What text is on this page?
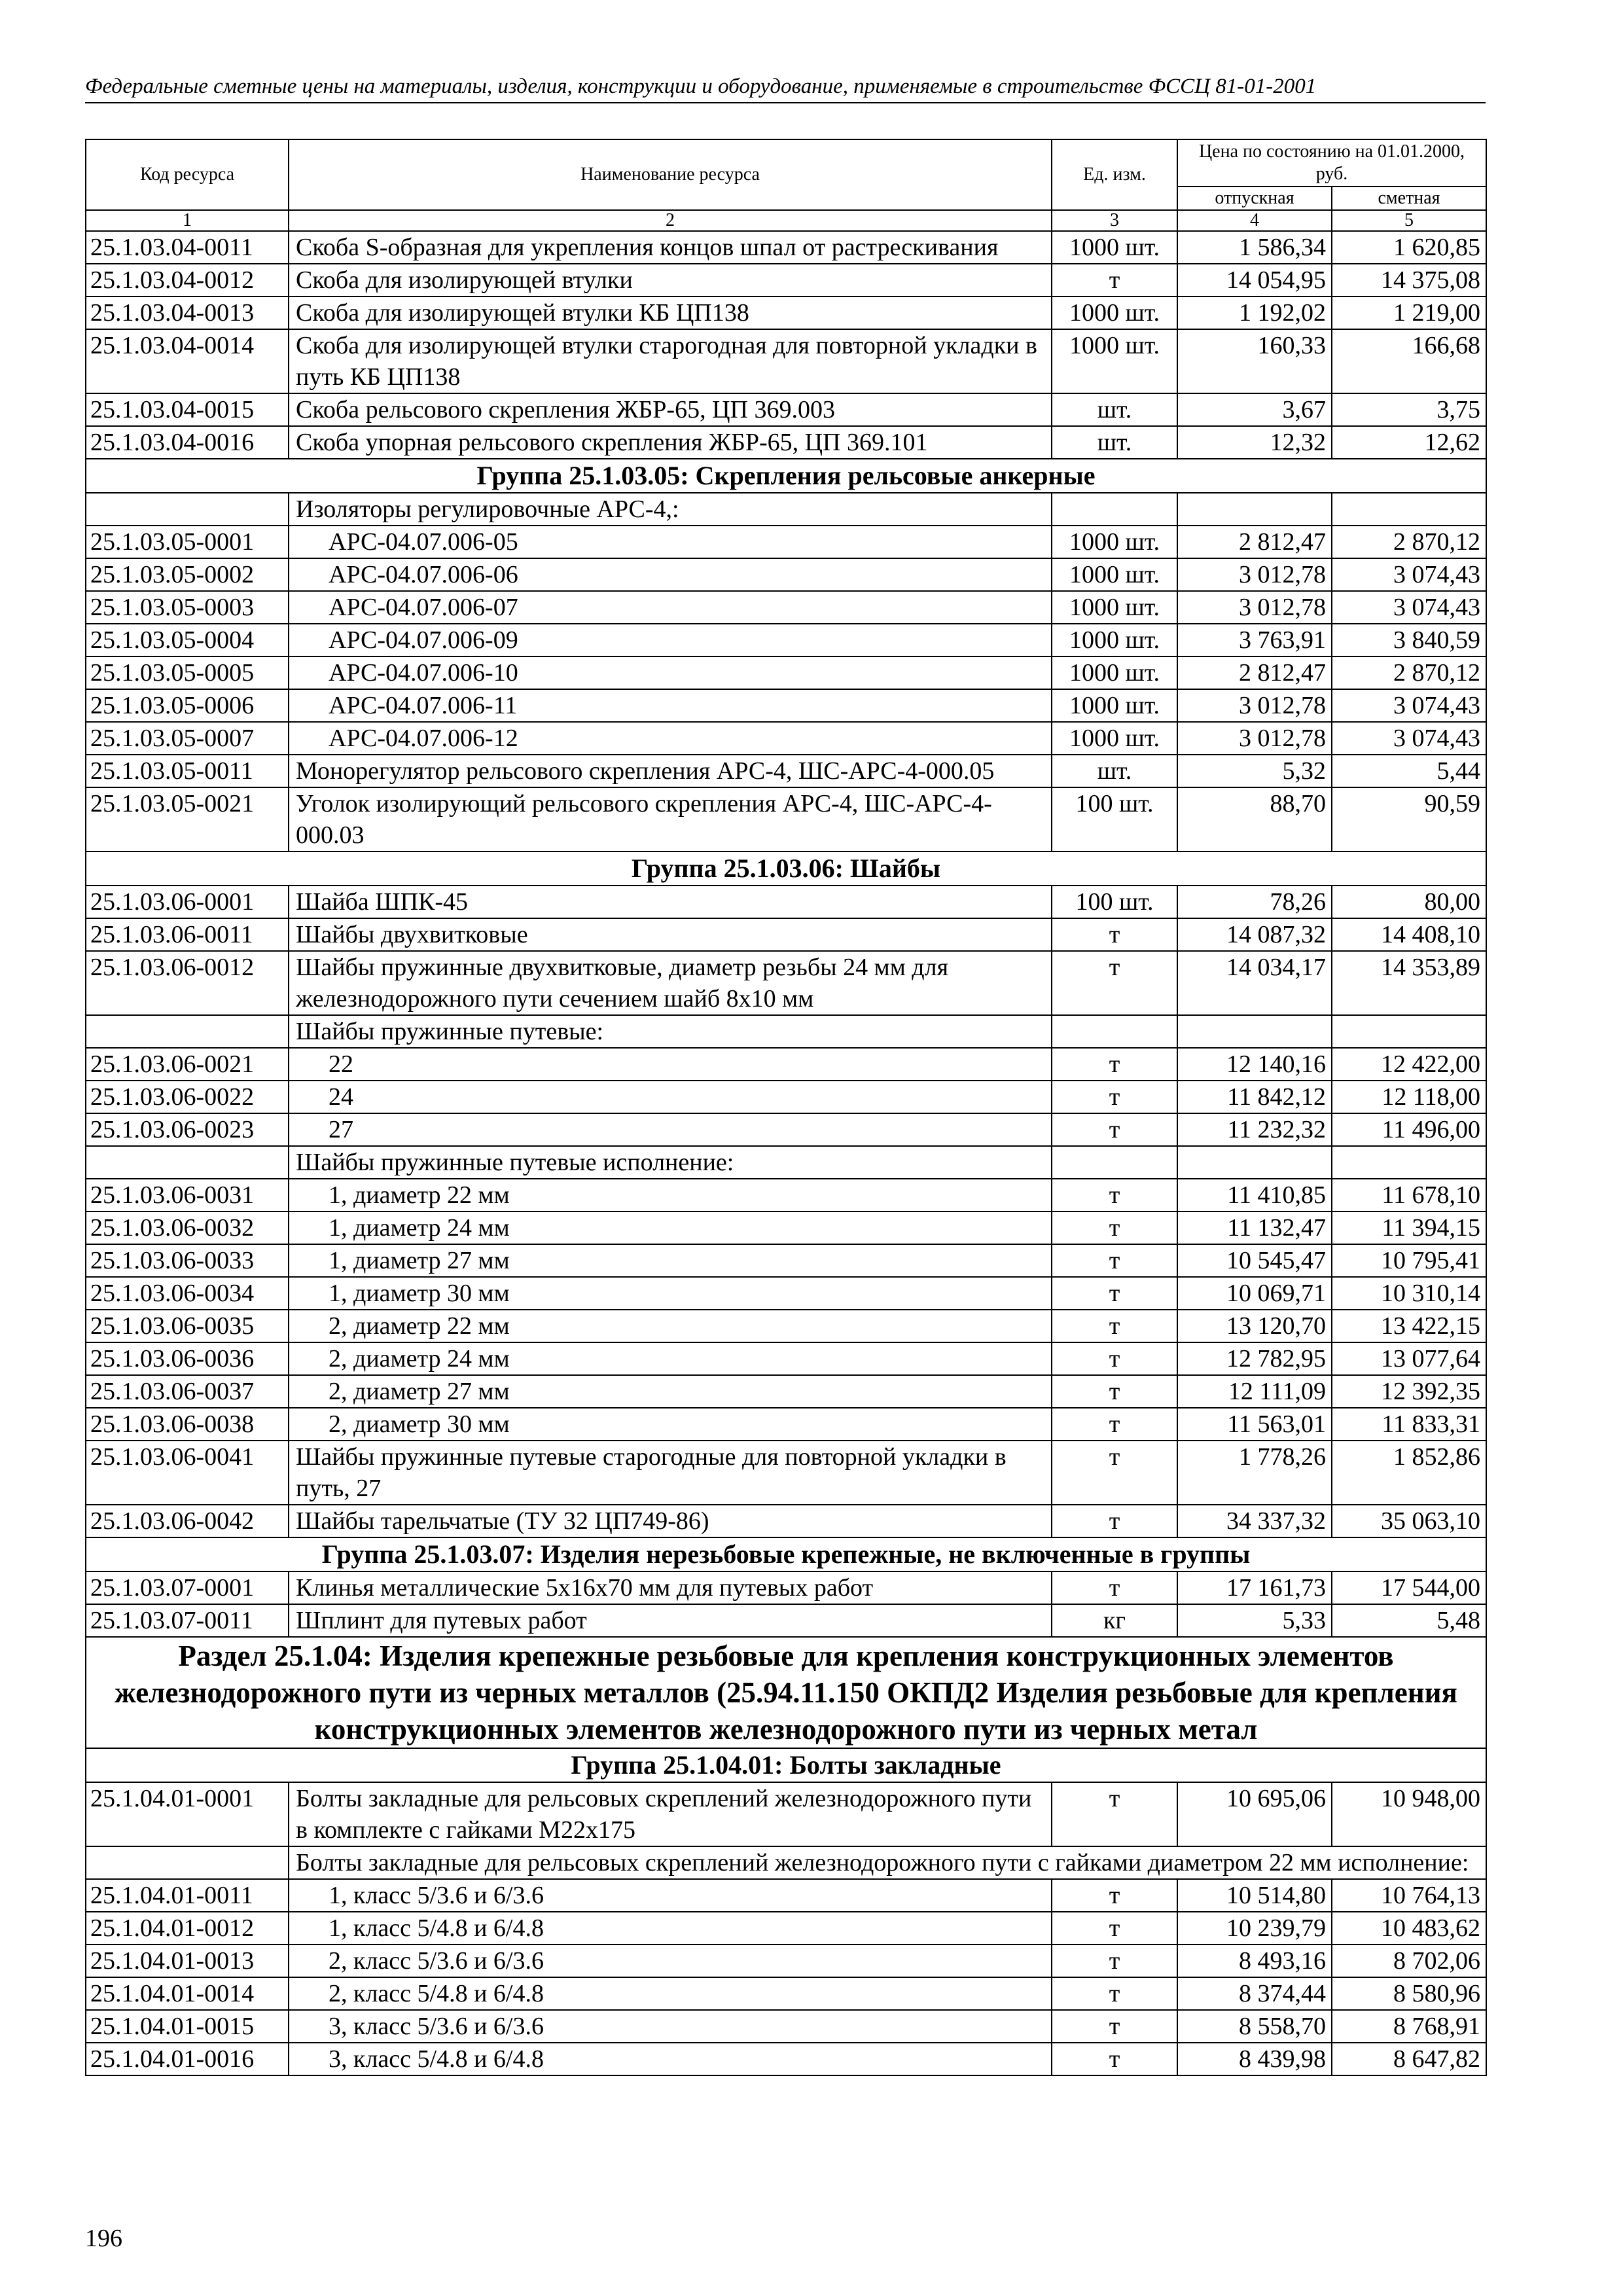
Федеральные сметные цены на материалы, изделия, конструкции и оборудование, применяемые в строительстве ФССЦ 81-01-2001
Код ресурса	Наименование ресурса	Ед. изм.	Цена по состоянию на 01.01.2000, руб.	
			отпускная	сметная
1	2	3	4	5
25.1.03.04-0011	Скоба S-образная для укрепления концов шпал от растрескивания	1000 шт.	1 586,34	1 620,85
25.1.03.04-0012	Скоба для изолирующей втулки	т	14 054,95	14 375,08
25.1.03.04-0013	Скоба для изолирующей втулки КБ ЦП138	1000 шт.	1 192,02	1 219,00
25.1.03.04-0014	Скоба для изолирующей втулки старогодная для повторной укладки в путь КБ ЦП138	1000 шт.	160,33	166,68
25.1.03.04-0015	Скоба рельсового скрепления ЖБР-65, ЦП 369.003	шт.	3,67	3,75
25.1.03.04-0016	Скоба упорная рельсового скрепления ЖБР-65, ЦП 369.101	шт.	12,32	12,62
Группа 25.1.03.05: Скрепления рельсовые анкерные				
	Изоляторы регулировочные АРС-4,:			
25.1.03.05-0001	АРС-04.07.006-05	1000 шт.	2 812,47	2 870,12
25.1.03.05-0002	АРС-04.07.006-06	1000 шт.	3 012,78	3 074,43
25.1.03.05-0003	АРС-04.07.006-07	1000 шт.	3 012,78	3 074,43
25.1.03.05-0004	АРС-04.07.006-09	1000 шт.	3 763,91	3 840,59
25.1.03.05-0005	АРС-04.07.006-10	1000 шт.	2 812,47	2 870,12
25.1.03.05-0006	АРС-04.07.006-11	1000 шт.	3 012,78	3 074,43
25.1.03.05-0007	АРС-04.07.006-12	1000 шт.	3 012,78	3 074,43
25.1.03.05-0011	Монорегулятор рельсового скрепления АРС-4, ШС-АРС-4-000.05	шт.	5,32	5,44
25.1.03.05-0021	Уголок изолирующий рельсового скрепления АРС-4, ШС-АРС-4- 000.03	100 шт.	88,70	90,59
Группа 25.1.03.06: Шайбы				
25.1.03.06-0001	Шайба ШПК-45	100 шт.	78,26	80,00
25.1.03.06-0011	Шайбы двухвитковые	т	14 087,32	14 408,10
25.1.03.06-0012	Шайбы пружинные двухвитковые, диаметр резьбы 24 мм для железнодорожного пути сечением шайб 8х10 мм	т	14 034,17	14 353,89
	Шайбы пружинные путевые:			
25.1.03.06-0021	22	т	12 140,16	12 422,00
25.1.03.06-0022	24	т	11 842,12	12 118,00
25.1.03.06-0023	27	т	11 232,32	11 496,00
	Шайбы пружинные путевые исполнение:			
25.1.03.06-0031	1, диаметр 22 мм	т	11 410,85	11 678,10
25.1.03.06-0032	1, диаметр 24 мм	т	11 132,47	11 394,15
25.1.03.06-0033	1, диаметр 27 мм	т	10 545,47	10 795,41
25.1.03.06-0034	1, диаметр 30 мм	т	10 069,71	10 310,14
25.1.03.06-0035	2, диаметр 22 мм	т	13 120,70	13 422,15
25.1.03.06-0036	2, диаметр 24 мм	т	12 782,95	13 077,64
25.1.03.06-0037	2, диаметр 27 мм	т	12 111,09	12 392,35
25.1.03.06-0038	2, диаметр 30 мм	т	11 563,01	11 833,31
25.1.03.06-0041	Шайбы пружинные путевые старогодные для повторной укладки в путь, 27	т	1 778,26	1 852,86
25.1.03.06-0042	Шайбы тарельчатые (ТУ 32 ЦП749-86)	т	34 337,32	35 063,10
Группа 25.1.03.07: Изделия нерезьбовые крепежные, не включенные в группы				
25.1.03.07-0001	Клинья металлические 5х16х70 мм для путевых работ	т	17 161,73	17 544,00
25.1.03.07-0011	Шплинт для путевых работ	кг	5,33	5,48
Раздел 25.1.04: Изделия крепежные резьбовые для крепления конструкционных элементов железнодорожного пути из черных металлов (25.94.11.150 ОКПД2 Изделия резьбовые для крепления конструкционных элементов железнодорожного пути из черных метал				
Группа 25.1.04.01: Болты закладные				
25.1.04.01-0001	Болты закладные для рельсовых скреплений железнодорожного пути в комплекте с гайками М22х175	т	10 695,06	10 948,00
	Болты закладные для рельсовых скреплений железнодорожного пути с гайками диаметром 22 мм исполнение:			
25.1.04.01-0011	1, класс 5/3.6 и 6/3.6	т	10 514,80	10 764,13
25.1.04.01-0012	1, класс 5/4.8 и 6/4.8	т	10 239,79	10 483,62
25.1.04.01-0013	2, класс 5/3.6 и 6/3.6	т	8 493,16	8 702,06
25.1.04.01-0014	2, класс 5/4.8 и 6/4.8	т	8 374,44	8 580,96
25.1.04.01-0015	3, класс 5/3.6 и 6/3.6	т	8 558,70	8 768,91
25.1.04.01-0016	3, класс 5/4.8 и 6/4.8	т	8 439,98	8 647,82
196
